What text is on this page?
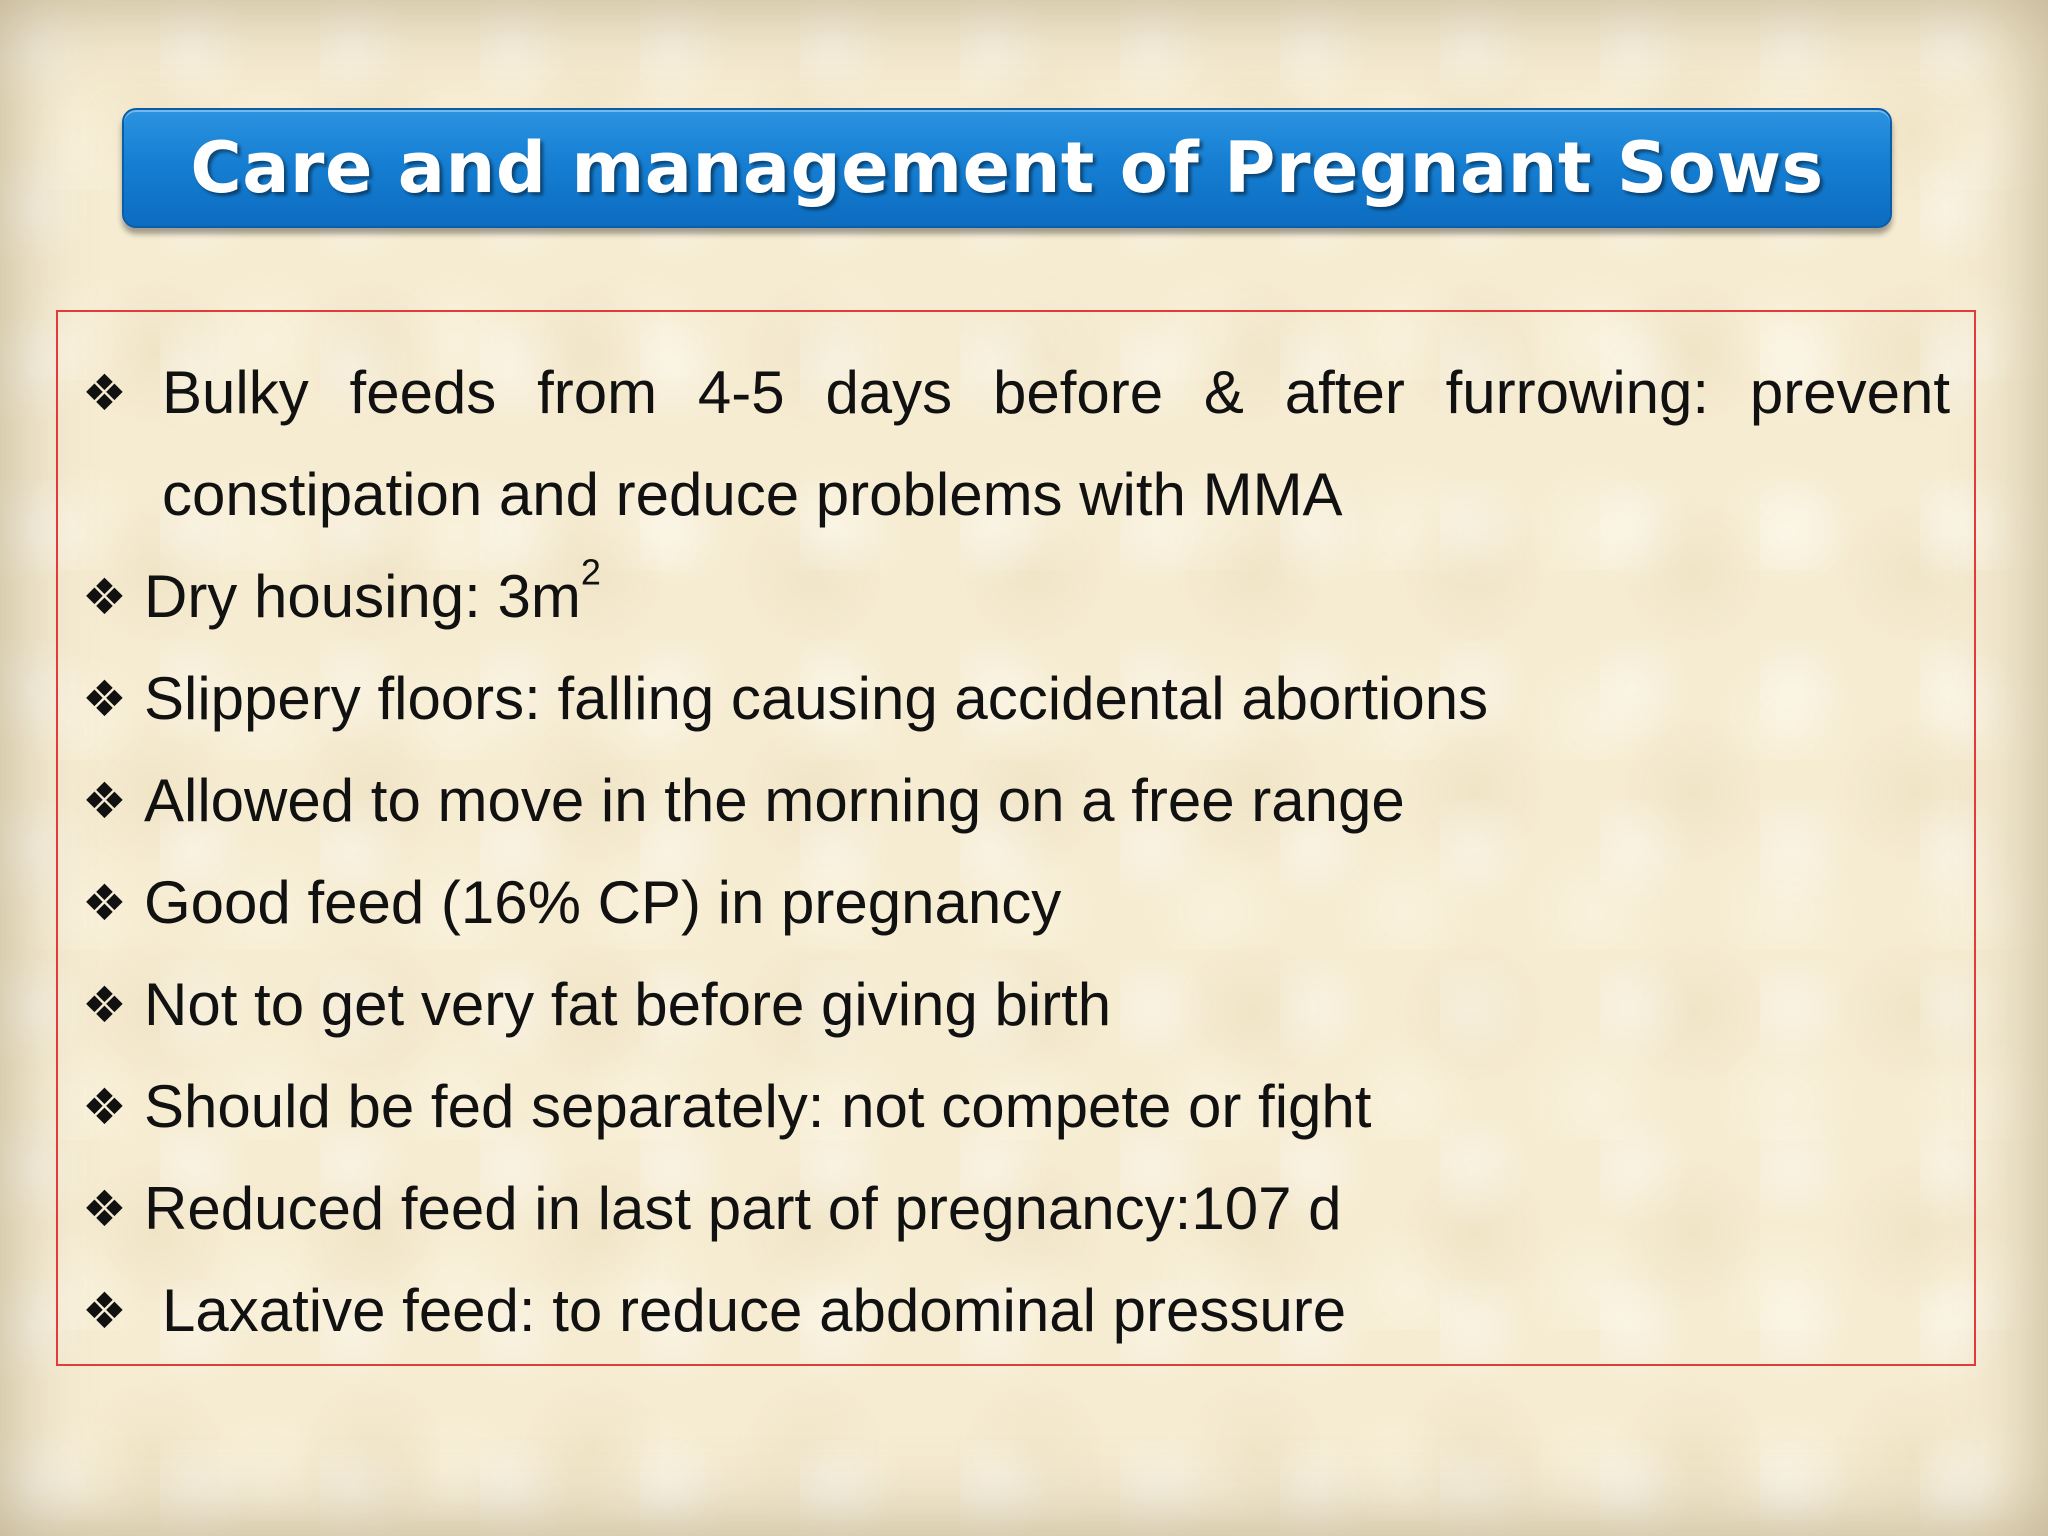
Care and management of Pregnant Sows
❖ Bulky feeds from 4-5 days before & after furrowing: prevent constipation and reduce problems with MMA
❖ Dry housing: $3m^2$
❖ Slippery floors: falling causing accidental abortions
❖ Allowed to move in the morning on a free range
❖ Good feed (16% CP) in pregnancy
❖ Not to get very fat before giving birth
❖ Should be fed separately: not compete or fight
❖ Reduced feed in last part of pregnancy:107 d
❖ Laxative feed: to reduce abdominal pressure
